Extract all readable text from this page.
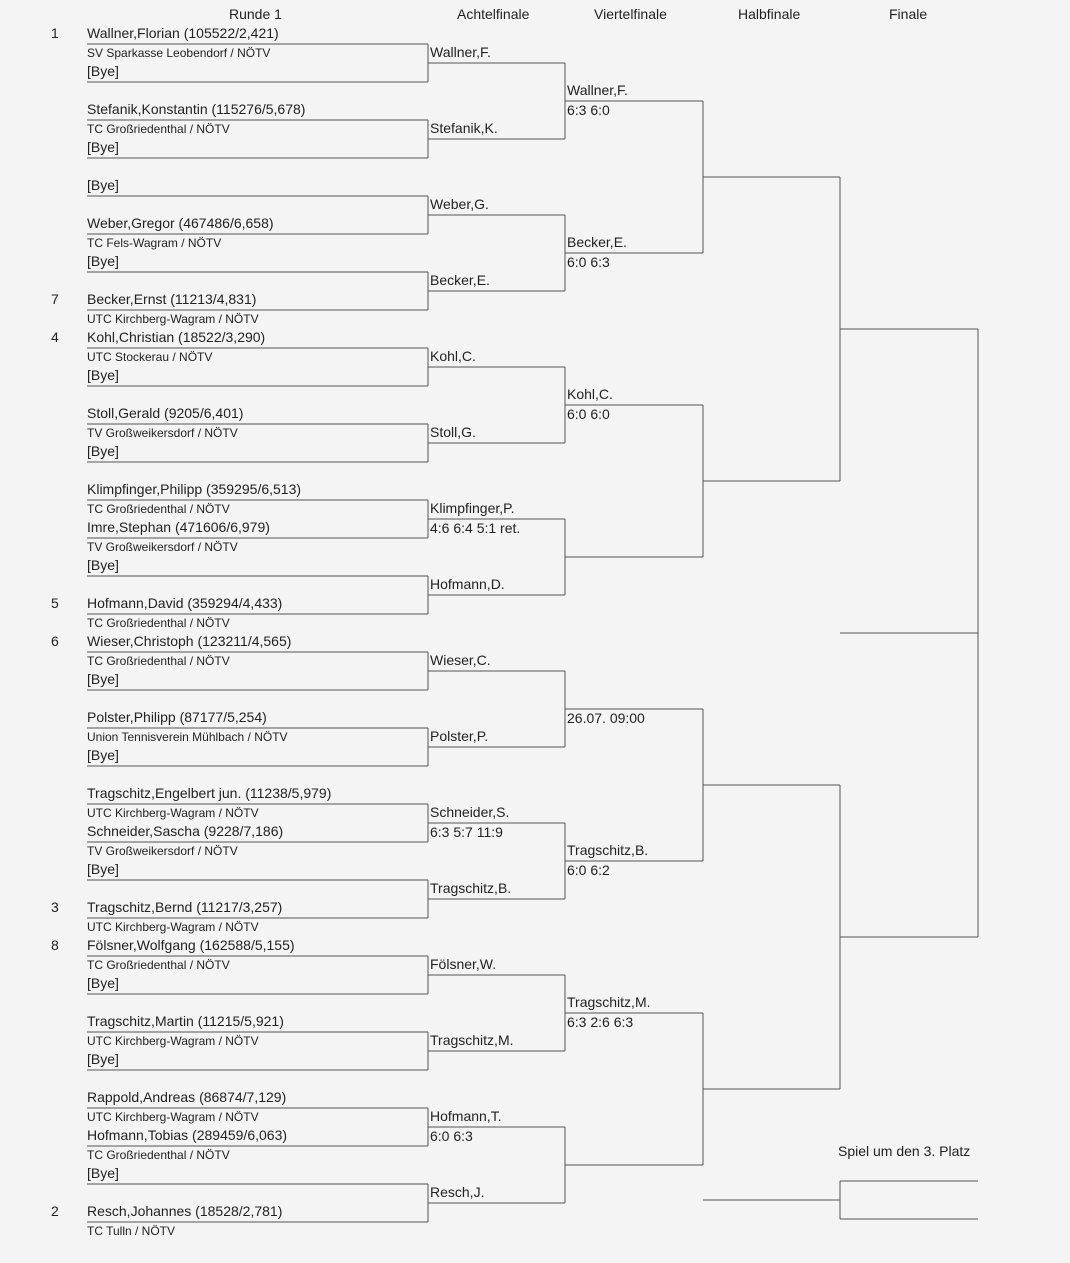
Runde 1	Achtelfinale	Viertelfinale	Halbfinale	Finale
Spiel um den 3. Platz
Wallner,Florian (105522/2,421)
1
SV Sparkasse Leobendorf / NÖTV
[Bye]
Stefanik,Konstantin (115276/5,678)
TC Großriedenthal / NÖTV
[Bye]
[Bye]
Weber,Gregor (467486/6,658)
TC Fels-Wagram / NÖTV
[Bye]
Becker,Ernst (11213/4,831)
7
UTC Kirchberg-Wagram / NÖTV
Kohl,Christian (18522/3,290)
4
UTC Stockerau / NÖTV
[Bye]
Stoll,Gerald (9205/6,401)
TV Großweikersdorf / NÖTV
[Bye]
Klimpfinger,Philipp (359295/6,513)
TC Großriedenthal / NÖTV
Imre,Stephan (471606/6,979)
TV Großweikersdorf / NÖTV
[Bye]
Hofmann,David (359294/4,433)
5
TC Großriedenthal / NÖTV
Wieser,Christoph (123211/4,565)
6
TC Großriedenthal / NÖTV
[Bye]
Polster,Philipp (87177/5,254)
Union Tennisverein Mühlbach / NÖTV
[Bye]
Tragschitz,Engelbert jun. (11238/5,979)
UTC Kirchberg-Wagram / NÖTV
Schneider,Sascha (9228/7,186)
TV Großweikersdorf / NÖTV
[Bye]
Tragschitz,Bernd (11217/3,257)
3
UTC Kirchberg-Wagram / NÖTV
Fölsner,Wolfgang (162588/5,155)
8
TC Großriedenthal / NÖTV
[Bye]
Tragschitz,Martin (11215/5,921)
UTC Kirchberg-Wagram / NÖTV
[Bye]
Rappold,Andreas (86874/7,129)
UTC Kirchberg-Wagram / NÖTV
Hofmann,Tobias (289459/6,063)
TC Großriedenthal / NÖTV
[Bye]
Resch,Johannes (18528/2,781)
2
TC Tulln / NÖTV
Wallner,F.
Stefanik,K.
Weber,G.
Becker,E.
Kohl,C.
Stoll,G.
Klimpfinger,P.
4:6 6:4 5:1 ret.
Hofmann,D.
Wieser,C.
Polster,P.
Schneider,S.
6:3 5:7 11:9
Tragschitz,B.
Fölsner,W.
Tragschitz,M.
Hofmann,T.
6:0 6:3
Resch,J.
Wallner,F.
6:3 6:0
Becker,E.
6:0 6:3
Kohl,C.
6:0 6:0
26.07. 09:00
Tragschitz,B.
6:0 6:2
Tragschitz,M.
6:3 2:6 6:3
